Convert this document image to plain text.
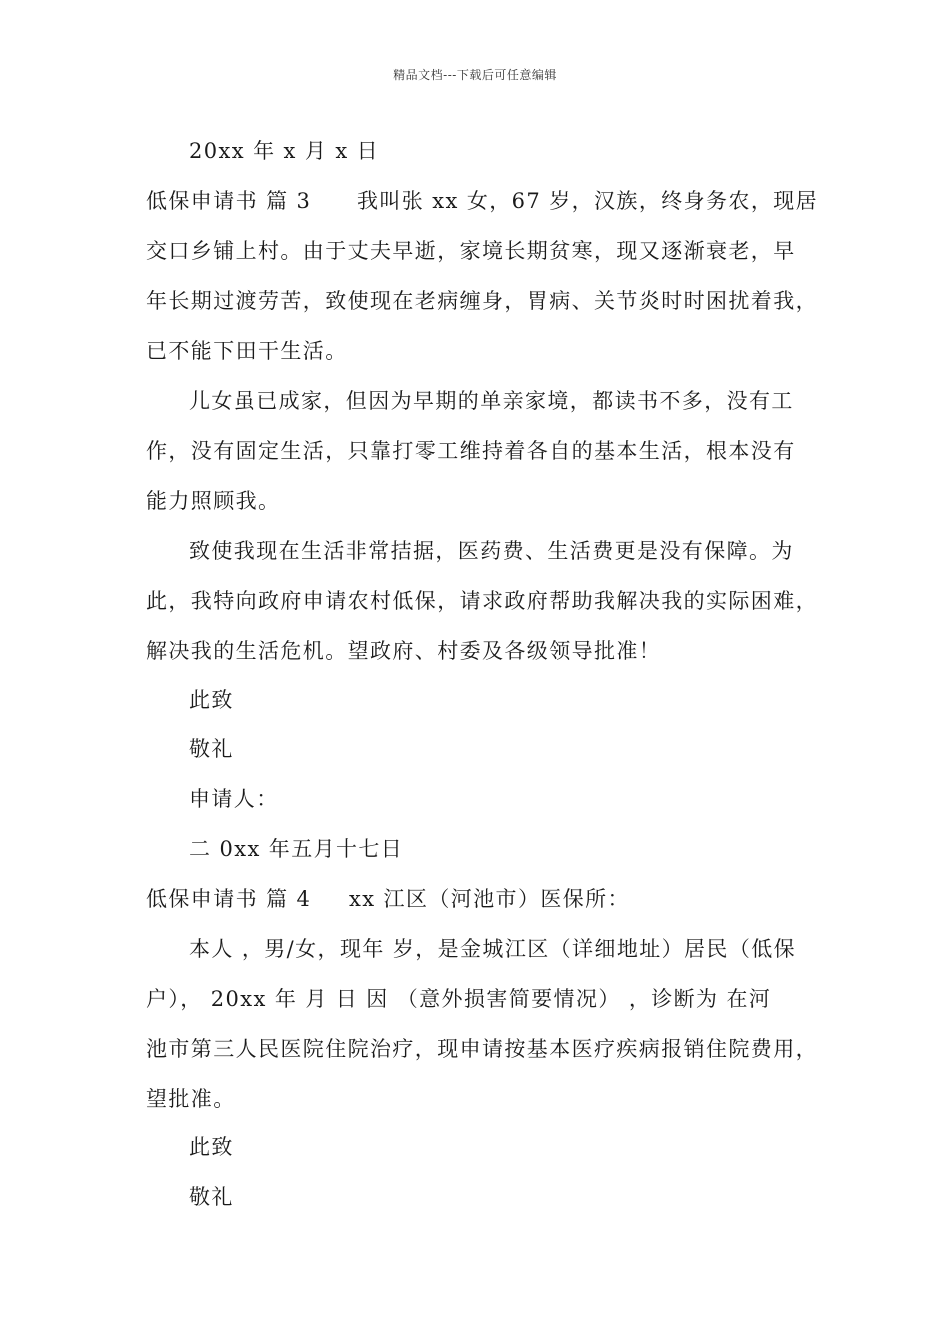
精品文档---下载后可任意编辑
20xx 年 x 月 x 日
低保申请书 篇 3 我叫张 xx 女，67 岁，汉族，终身务农，现居
交口乡铺上村。由于丈夫早逝，家境长期贫寒，现又逐渐衰老，早
年长期过渡劳苦，致使现在老病缠身，胃病、关节炎时时困扰着我，
已不能下田干生活。
儿女虽已成家，但因为早期的单亲家境，都读书不多，没有工
作，没有固定生活，只靠打零工维持着各自的基本生活，根本没有
能力照顾我。
致使我现在生活非常拮据，医药费、生活费更是没有保障。为
此，我特向政府申请农村低保，请求政府帮助我解决我的实际困难，
解决我的生活危机。望政府、村委及各级领导批准！
此致
敬礼
申请人：
二 0xx 年五月十七日
低保申请书 篇 4 xx 江区（河池市）医保所：
本人 ，男/女，现年 岁，是金城江区（详细地址）居民（低保
户）， 20xx 年 月 日 因 （意外损害简要情况） ，诊断为 在河
池市第三人民医院住院治疗，现申请按基本医疗疾病报销住院费用，
望批准。
此致
敬礼
